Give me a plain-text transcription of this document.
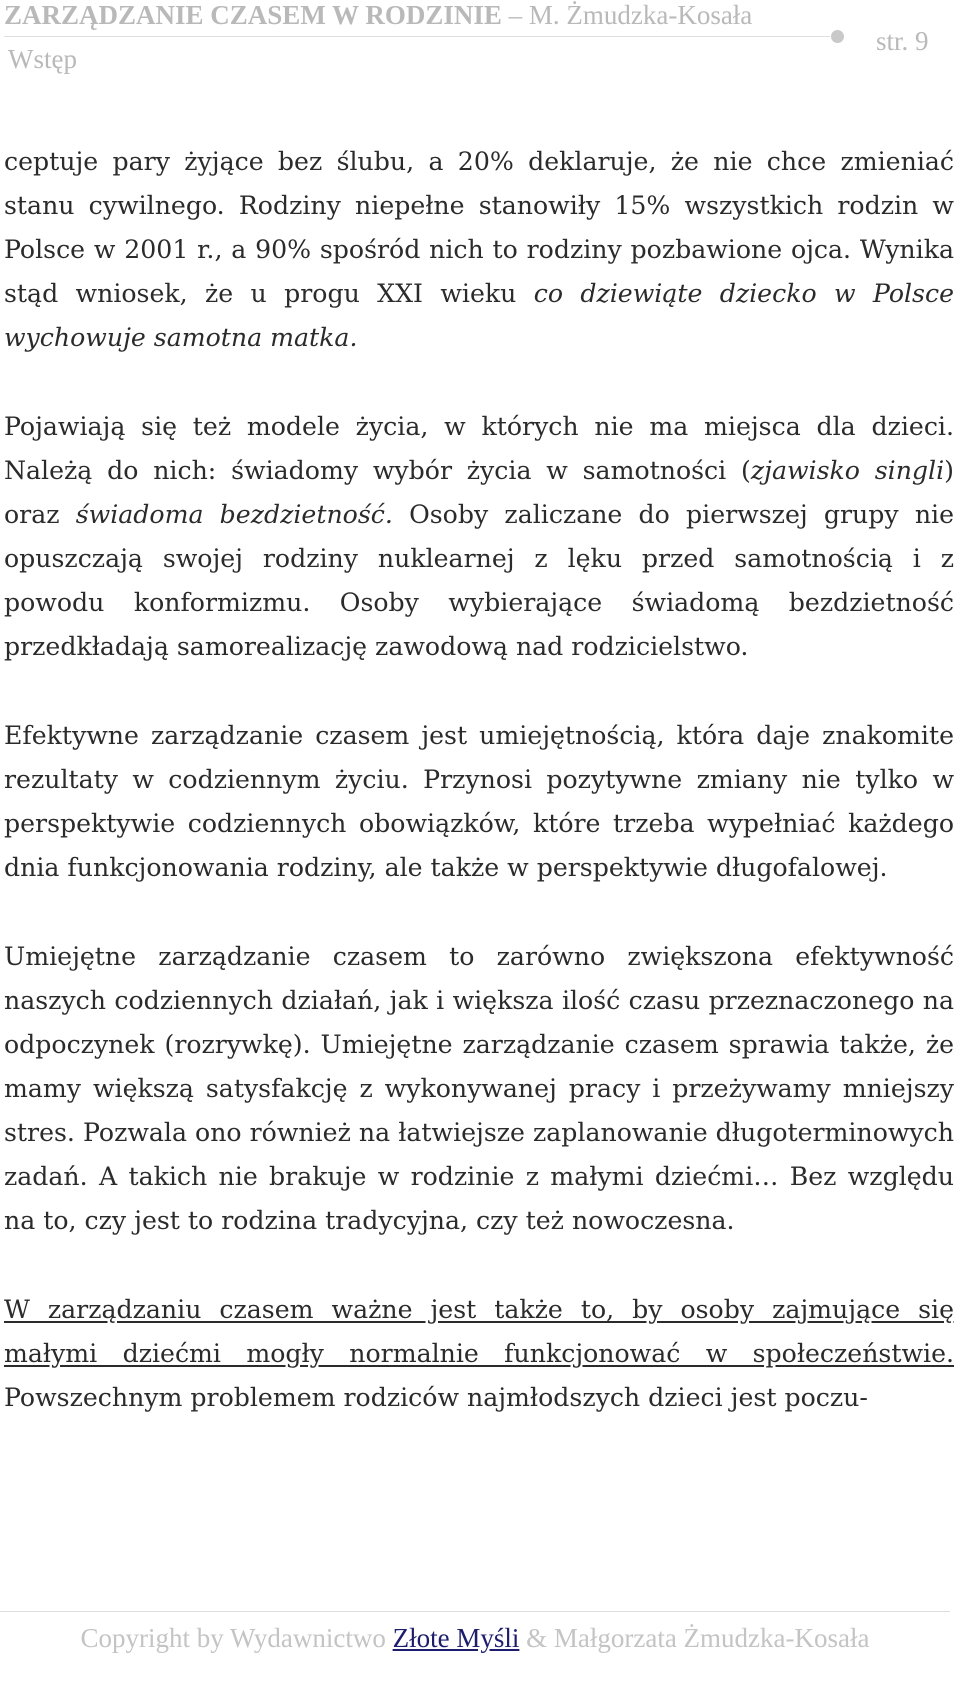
ZARZĄDZANIE CZASEM W RODZINIE – M. Żmudzka-Kosała
str. 9
Wstęp

ceptuje pary żyjące bez ślubu, a 20% deklaruje, że nie chce zmieniać stanu cywilnego. Rodziny niepełne stanowiły 15% wszystkich rodzin w Polsce w 2001 r., a 90% spośród nich to rodziny pozbawione ojca. Wynika stąd wniosek, że u progu XXI wieku co dziewiąte dziecko w Polsce wychowuje samotna matka.

Pojawiają się też modele życia, w których nie ma miejsca dla dzieci. Należą do nich: świadomy wybór życia w samotności (zjawisko singli) oraz świadoma bezdzietność. Osoby zaliczane do pierwszej grupy nie opuszczają swojej rodziny nuklearnej z lęku przed samotnością i z powodu konformizmu. Osoby wybierające świadomą bezdzietność przedkładają samorealizację zawodową nad rodzicielstwo.

Efektywne zarządzanie czasem jest umiejętnością, która daje znakomite rezultaty w codziennym życiu. Przynosi pozytywne zmiany nie tylko w perspektywie codziennych obowiązków, które trzeba wypełniać każdego dnia funkcjonowania rodziny, ale także w perspektywie długofalowej.

Umiejętne zarządzanie czasem to zarówno zwiększona efektywność naszych codziennych działań, jak i większa ilość czasu przeznaczonego na odpoczynek (rozrywkę). Umiejętne zarządzanie czasem sprawia także, że mamy większą satysfakcję z wykonywanej pracy i przeżywamy mniejszy stres. Pozwala ono również na łatwiejsze zaplanowanie długoterminowych zadań. A takich nie brakuje w rodzinie z małymi dziećmi… Bez względu na to, czy jest to rodzina tradycyjna, czy też nowoczesna.

W zarządzaniu czasem ważne jest także to, by osoby zajmujące się małymi dziećmi mogły normalnie funkcjonować w społeczeństwie. Powszechnym problemem rodziców najmłodszych dzieci jest poczu-

Copyright by Wydawnictwo Złote Myśli & Małgorzata Żmudzka-Kosała
